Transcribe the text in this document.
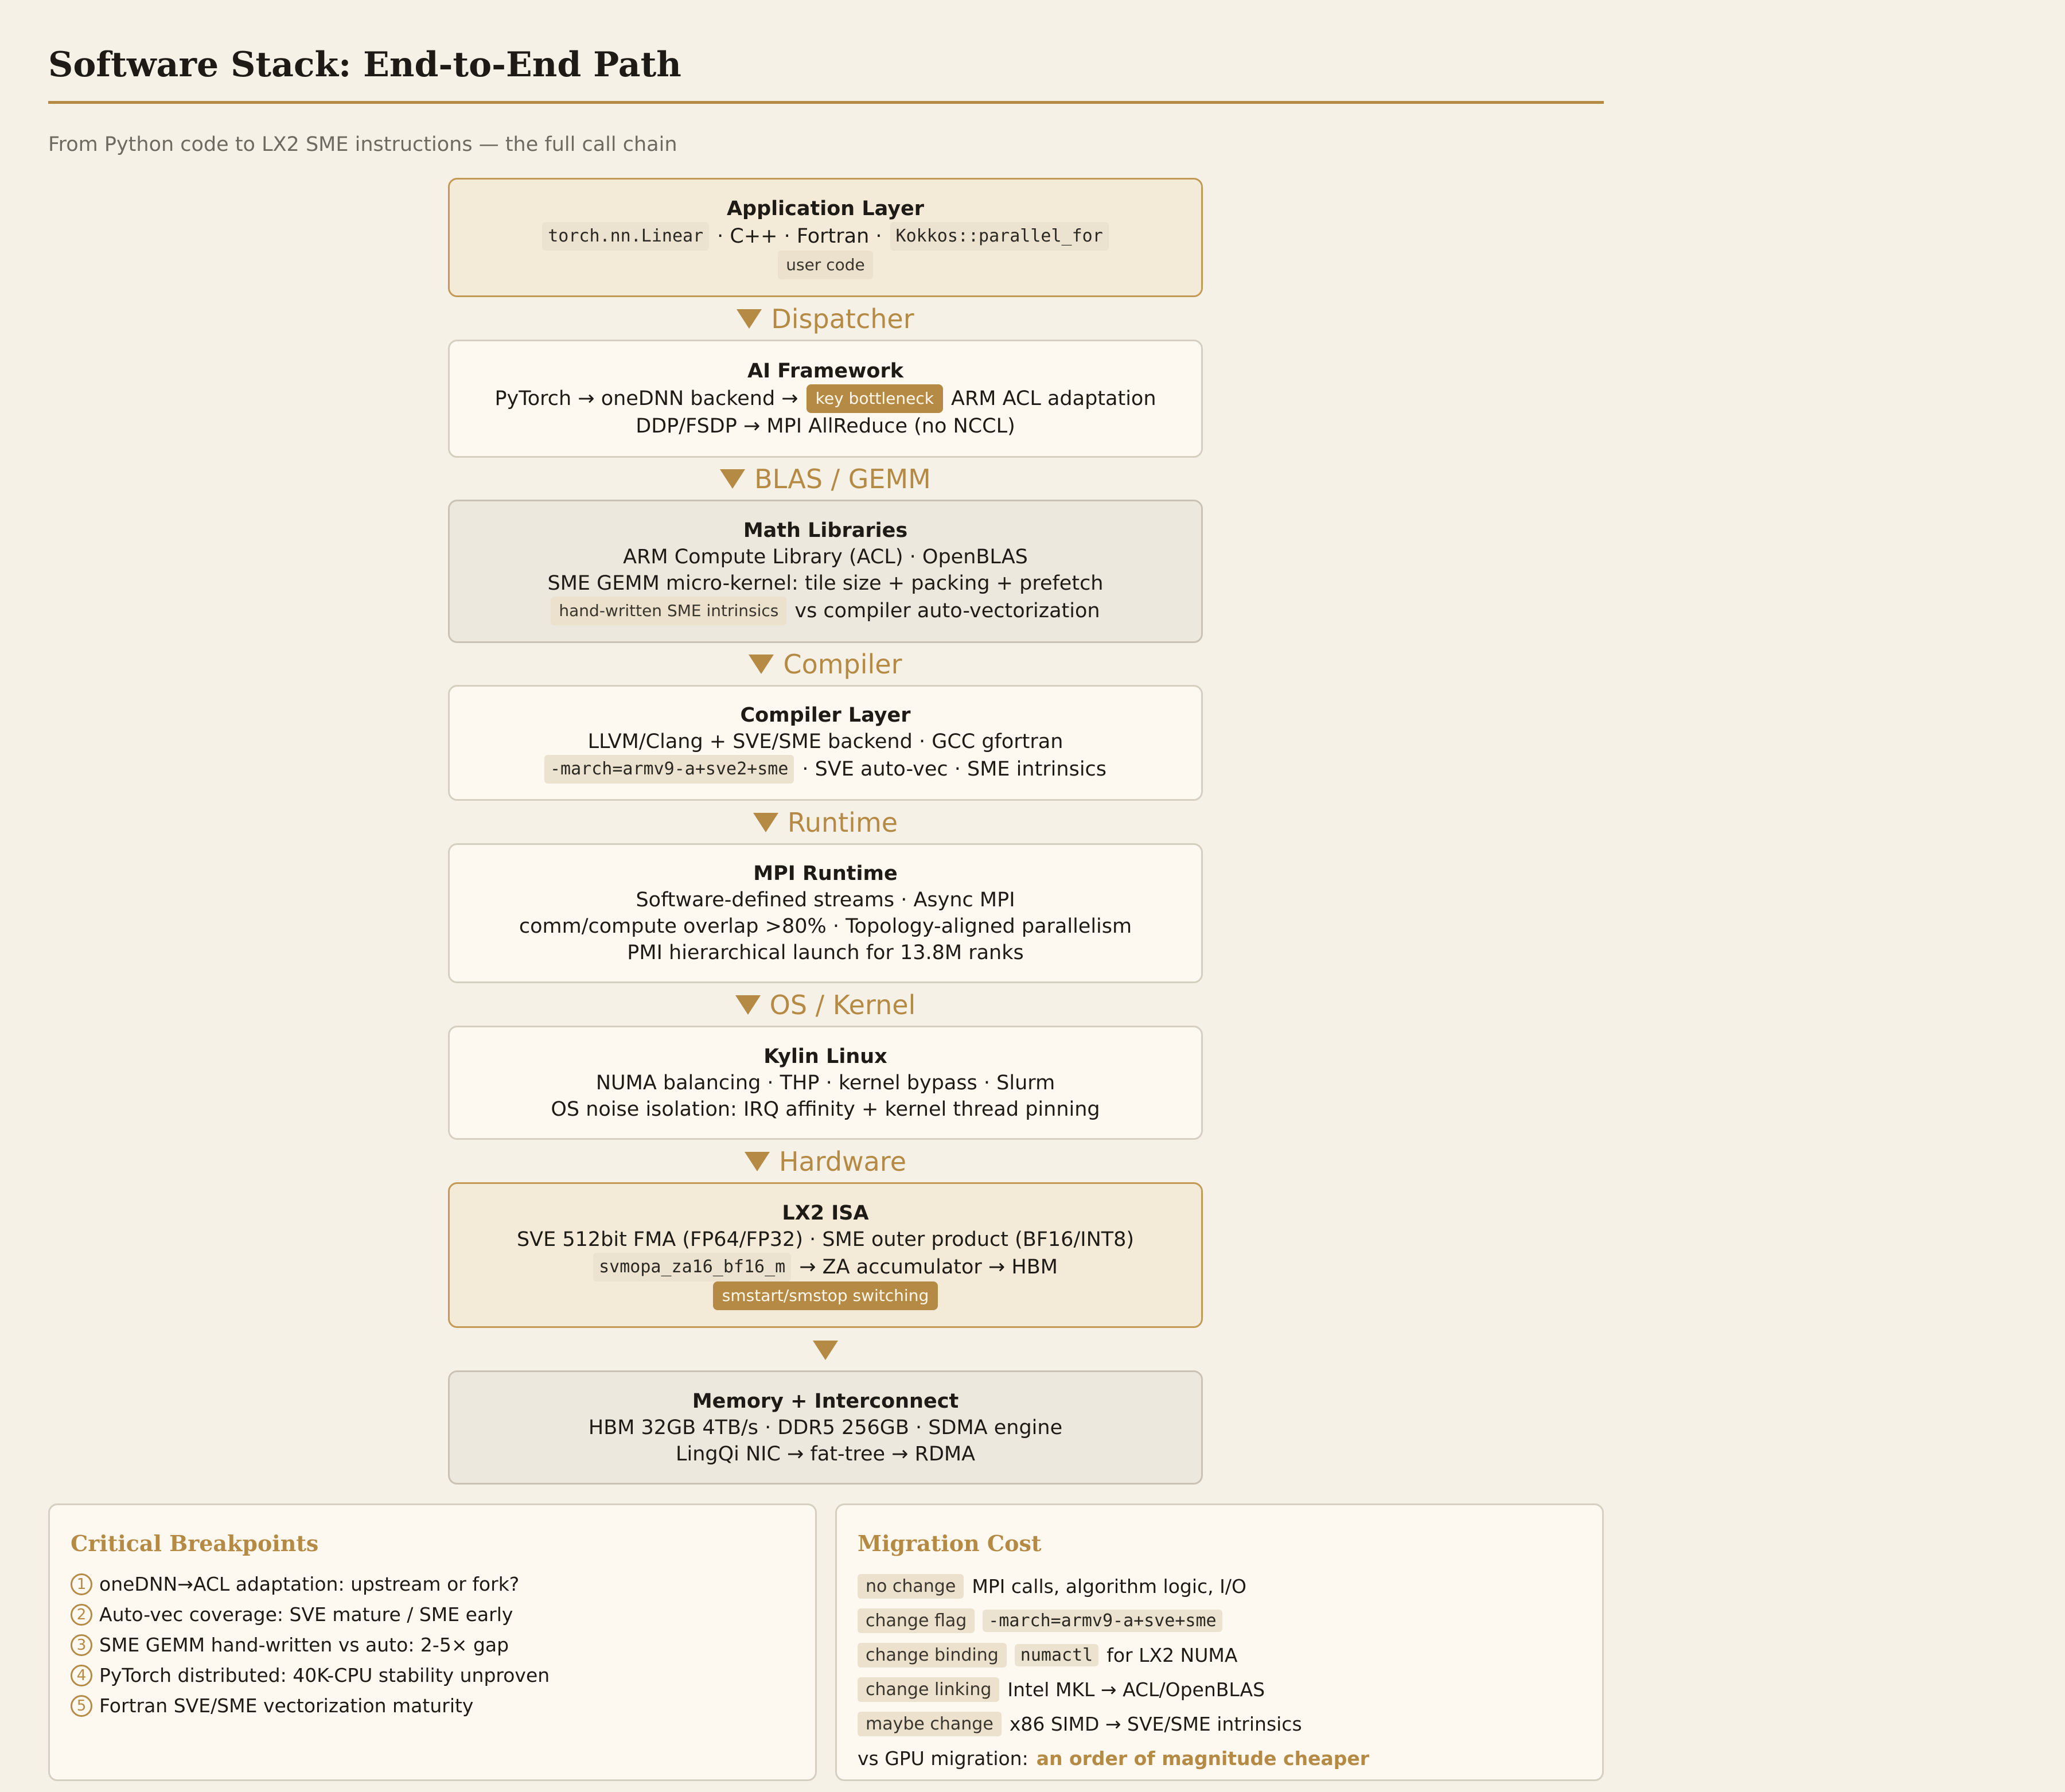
Software Stack: End-to-End Path
From Python code to LX2 SME instructions — the full call chain
Application Layer
torch.nn.Linear · C++ · Fortran · Kokkos::parallel_for
user code
Dispatcher
AI Framework
PyTorch → oneDNN backend →	key bottleneck ARM ACL adaptation
DDP/FSDP → MPI AllReduce (no NCCL)
BLAS / GEMM
Math Libraries
ARM Compute Library (ACL) · OpenBLAS
SME GEMM micro-kernel: tile size + packing + prefetch
hand-written SME intrinsics vs compiler auto-vectorization
Compiler
Compiler Layer
LLVM/Clang + SVE/SME backend · GCC gfortran
-march=armv9-a+sve2+sme · SVE auto-vec · SME intrinsics
Runtime
MPI Runtime
Software-defined streams · Async MPI
comm/compute overlap >80% · Topology-aligned parallelism
PMI hierarchical launch for 13.8M ranks
OS / Kernel
Kylin Linux
NUMA balancing · THP · kernel bypass · Slurm
OS noise isolation: IRQ affinity + kernel thread pinning
Hardware
LX2 ISA
SVE 512bit FMA (FP64/FP32) · SME outer product (BF16/INT8)
svmopa_za16_bf16_m → ZA accumulator → HBM
smstart/smstop switching
Memory + Interconnect
HBM 32GB 4TB/s · DDR5 256GB · SDMA engine
LingQi NIC → fat-tree → RDMA
Critical Breakpoints
1 oneDNN→ACL adaptation: upstream or fork?
2 Auto-vec coverage: SVE mature / SME early
3 SME GEMM hand-written vs auto: 2-5× gap
4 PyTorch distributed: 40K-CPU stability unproven
5 Fortran SVE/SME vectorization maturity
Migration Cost
no change MPI calls, algorithm logic, I/O
change flag	-march=armv9-a+sve+sme
change binding	numactl for LX2 NUMA
change linking Intel MKL → ACL/OpenBLAS
maybe change x86 SIMD → SVE/SME intrinsics
vs GPU migration: an order of magnitude cheaper
